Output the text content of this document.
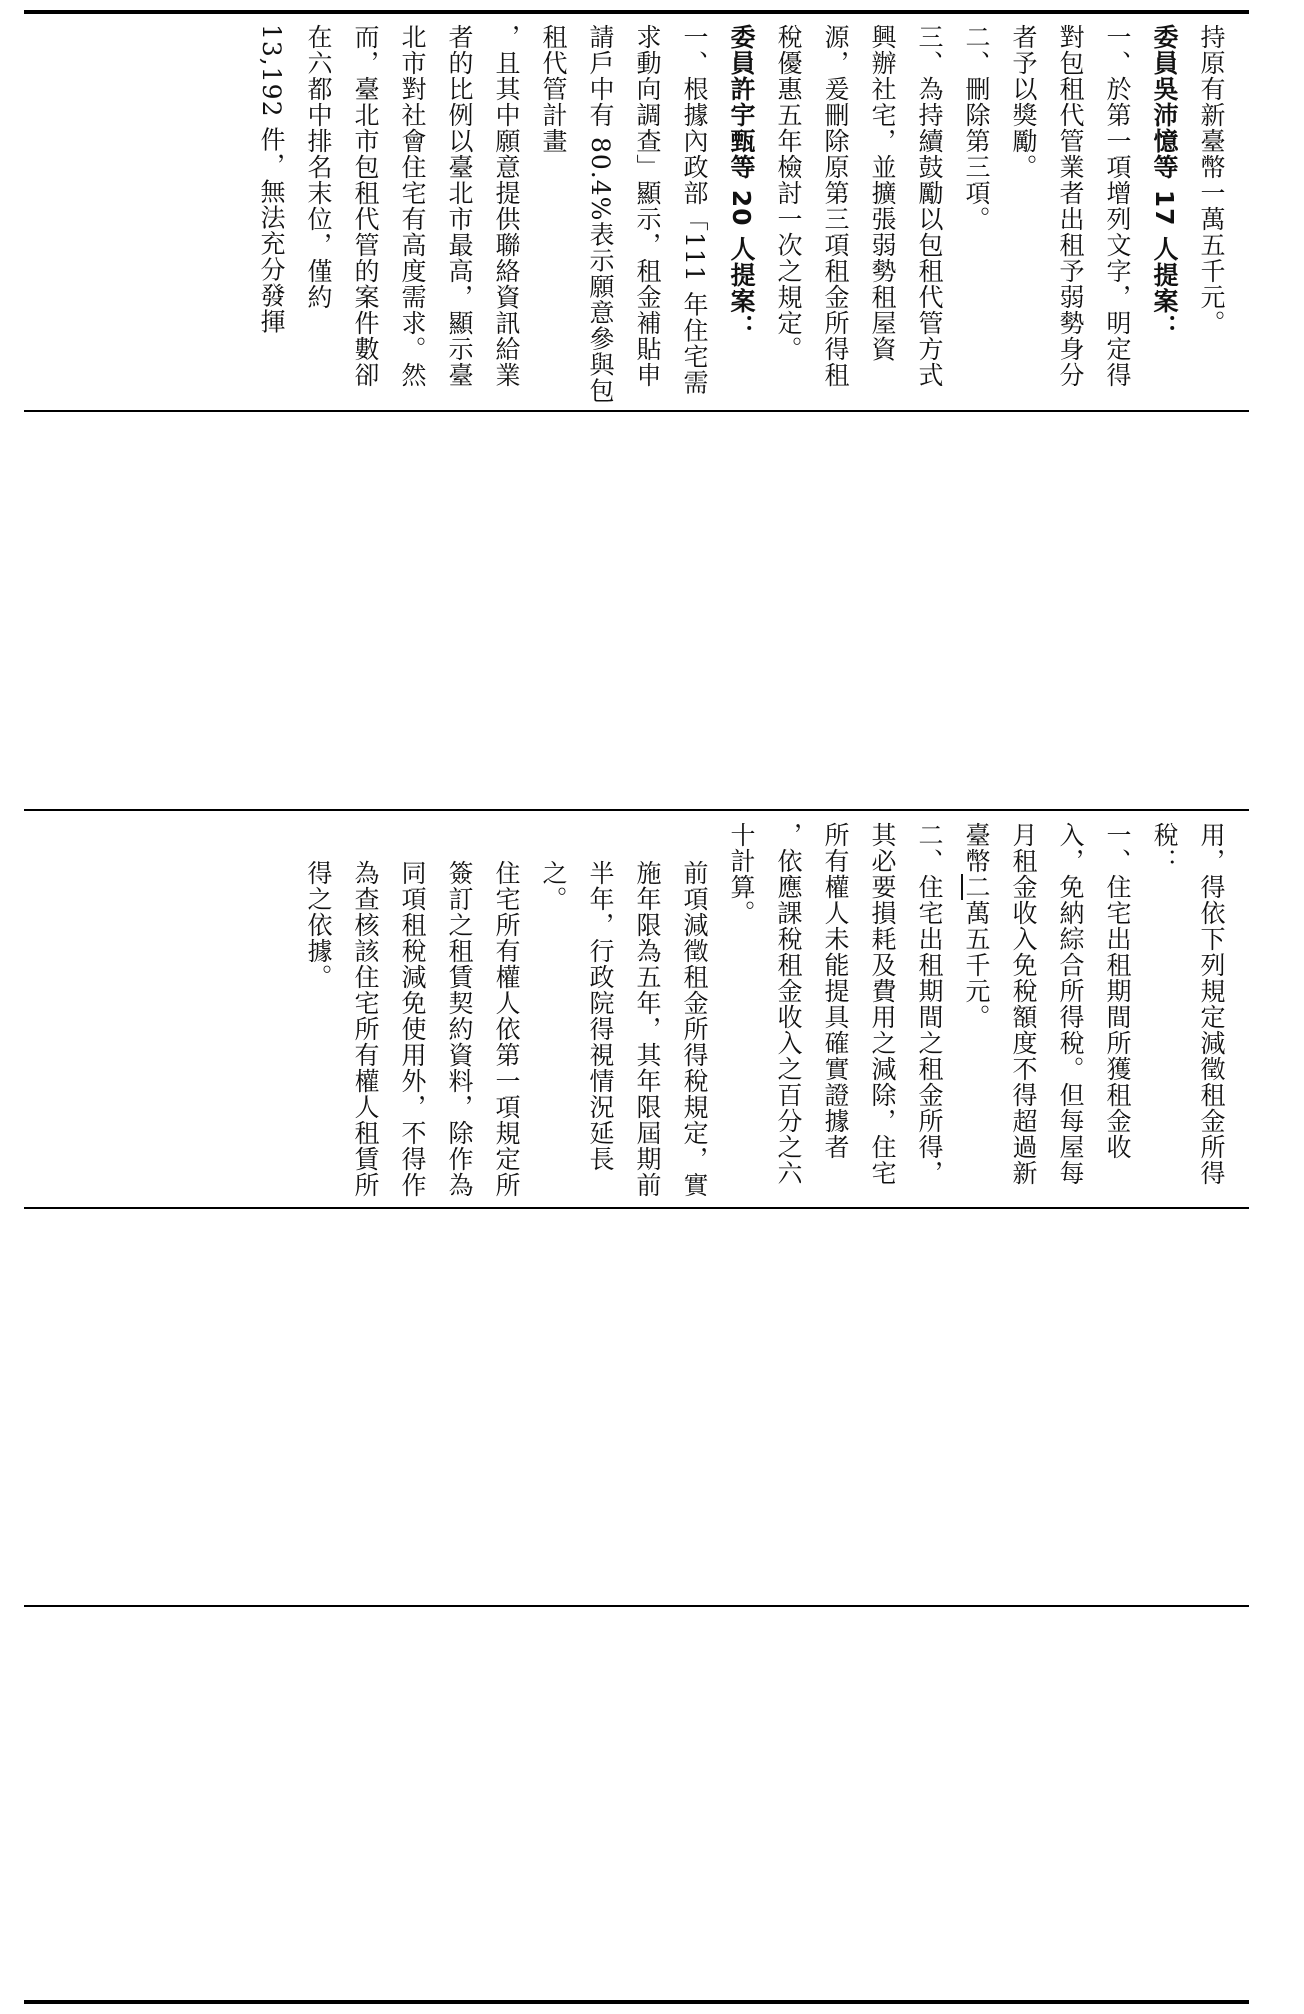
持原有新臺幣一萬五千元。

委員吳沛憶等 17 人提案：

一、於第一項增列文字，明定得對包租代管業者出租予弱勢身分者予以獎勵。

二、刪除第三項。

三、為持續鼓勵以包租代管方式興辦社宅，並擴張弱勢租屋資源，爰刪除原第三項租金所得租稅優惠五年檢討一次之規定。

委員許宇甄等 20 人提案：

一、根據內政部「111 年住宅需求動向調查」顯示，租金補貼申請戶中有 80.4%表示願意參與包租代管計畫

，且其中願意提供聯絡資訊給業者的比例以臺北市最高，顯示臺北市對社會住宅有高度需求。然而，臺北市包租代管的案件數卻在六都中排名末位，僅約 13,192 件，無法充分發揮

用，得依下列規定減徵租金所得稅：

一、住宅出租期間所獲租金收入，免納綜合所得稅。但每屋每月租金收入免稅額度不得超過新臺幣二萬五千元。

二、住宅出租期間之租金所得，其必要損耗及費用之減除，住宅所有權人未能提具確實證據者

，依應課稅租金收入之百分之六十計算。

前項減徵租金所得稅規定，實施年限為五年，其年限屆期前半年，行政院得視情況延長之。

住宅所有權人依第一項規定所簽訂之租賃契約資料，除作為同項租稅減免使用外，不得作為查核該住宅所有權人租賃所得之依據。
